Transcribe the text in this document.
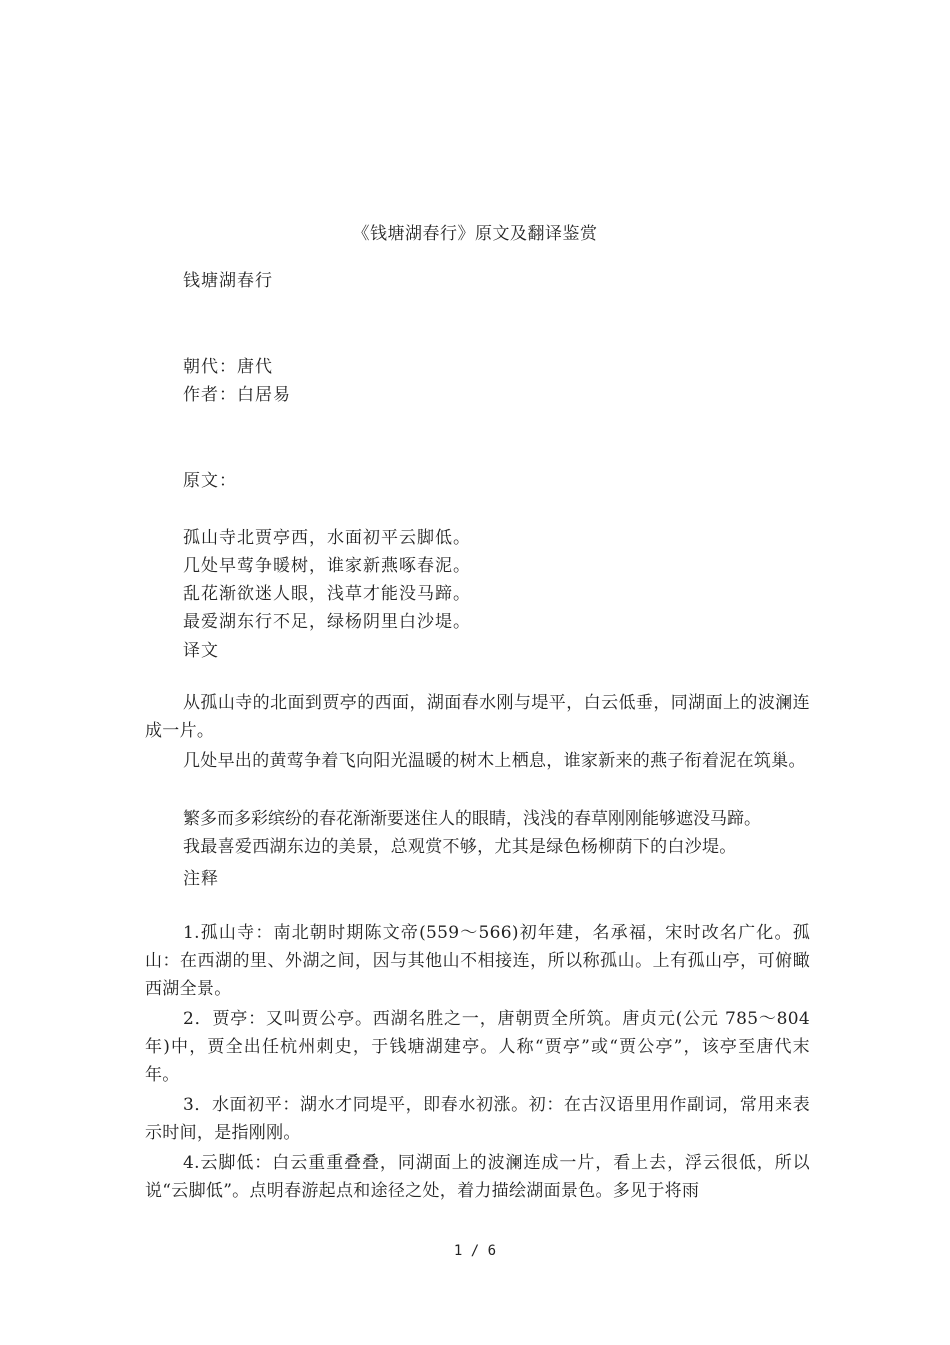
《钱塘湖春行》原文及翻译鉴赏
钱塘湖春行
朝代：唐代
作者：白居易
原文：
孤山寺北贾亭西，水面初平云脚低。
几处早莺争暖树，谁家新燕啄春泥。
乱花渐欲迷人眼，浅草才能没马蹄。
最爱湖东行不足，绿杨阴里白沙堤。
译文

从孤山寺的北面到贾亭的西面，湖面春水刚与堤平，白云低垂，同湖面上的波澜连成一片。

几处早出的黄莺争着飞向阳光温暖的树木上栖息，谁家新来的燕子衔着泥在筑巢。

繁多而多彩缤纷的春花渐渐要迷住人的眼睛，浅浅的春草刚刚能够遮没马蹄。

我最喜爱西湖东边的美景，总观赏不够，尤其是绿色杨柳荫下的白沙堤。

注释

1.孤山寺：南北朝时期陈文帝(559～566)初年建，名承福，宋时改名广化。孤山：在西湖的里、外湖之间，因与其他山不相接连，所以称孤山。上有孤山亭，可俯瞰西湖全景。

2．贾亭：又叫贾公亭。西湖名胜之一，唐朝贾全所筑。唐贞元(公元 785～804 年)中，贾全出任杭州刺史，于钱塘湖建亭。人称“贾亭”或“贾公亭”，该亭至唐代末年。

3．水面初平：湖水才同堤平，即春水初涨。初：在古汉语里用作副词，常用来表示时间，是指刚刚。

4.云脚低：白云重重叠叠，同湖面上的波澜连成一片，看上去，浮云很低，所以说“云脚低”。点明春游起点和途径之处，着力描绘湖面景色。多见于将雨

1 / 6
